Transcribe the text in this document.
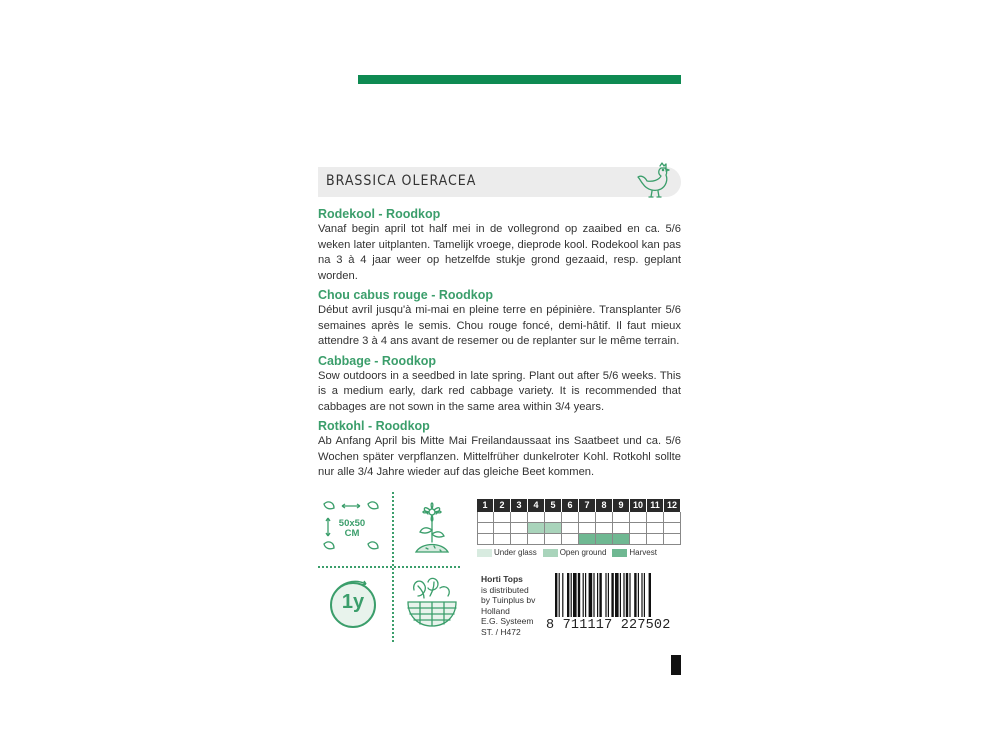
BRASSICA OLERACEA
Rodekool - Roodkop
Vanaf begin april tot half mei in de vollegrond op zaaibed en ca. 5/6 weken later uitplanten. Tamelijk vroege, dieprode kool. Rodekool kan pas na 3 à 4 jaar weer op hetzelfde stukje grond gezaaid, resp. geplant worden.
Chou cabus rouge - Roodkop
Début avril jusqu'à mi-mai en pleine terre en pépinière. Transplanter 5/6 semaines après le semis. Chou rouge foncé, demi-hâtif. Il faut mieux attendre 3 à 4 ans avant de resemer ou de replanter sur le même terrain.
Cabbage - Roodkop
Sow outdoors in a seedbed in late spring. Plant out after 5/6 weeks. This is a medium early, dark red cabbage variety. It is recommended that cabbages are not sown in the same area within 3/4 years.
Rotkohl - Roodkop
Ab Anfang April bis Mitte Mai Freilandaussaat ins Saatbeet und ca. 5/6 Wochen später verpflanzen. Mittelfrüher dunkelroter Kohl. Rotkohl sollte nur alle 3/4 Jahre wieder auf das gleiche Beet kommen.
50x50
CM
1y
1	2	3	4	5	6	7	8	9	10 11 12
Under glass	Open ground	Harvest
Horti Tops
is distributed
by Tuinplus bv
Holland
E.G. Systeem
ST. / H472	8 711117 227502
